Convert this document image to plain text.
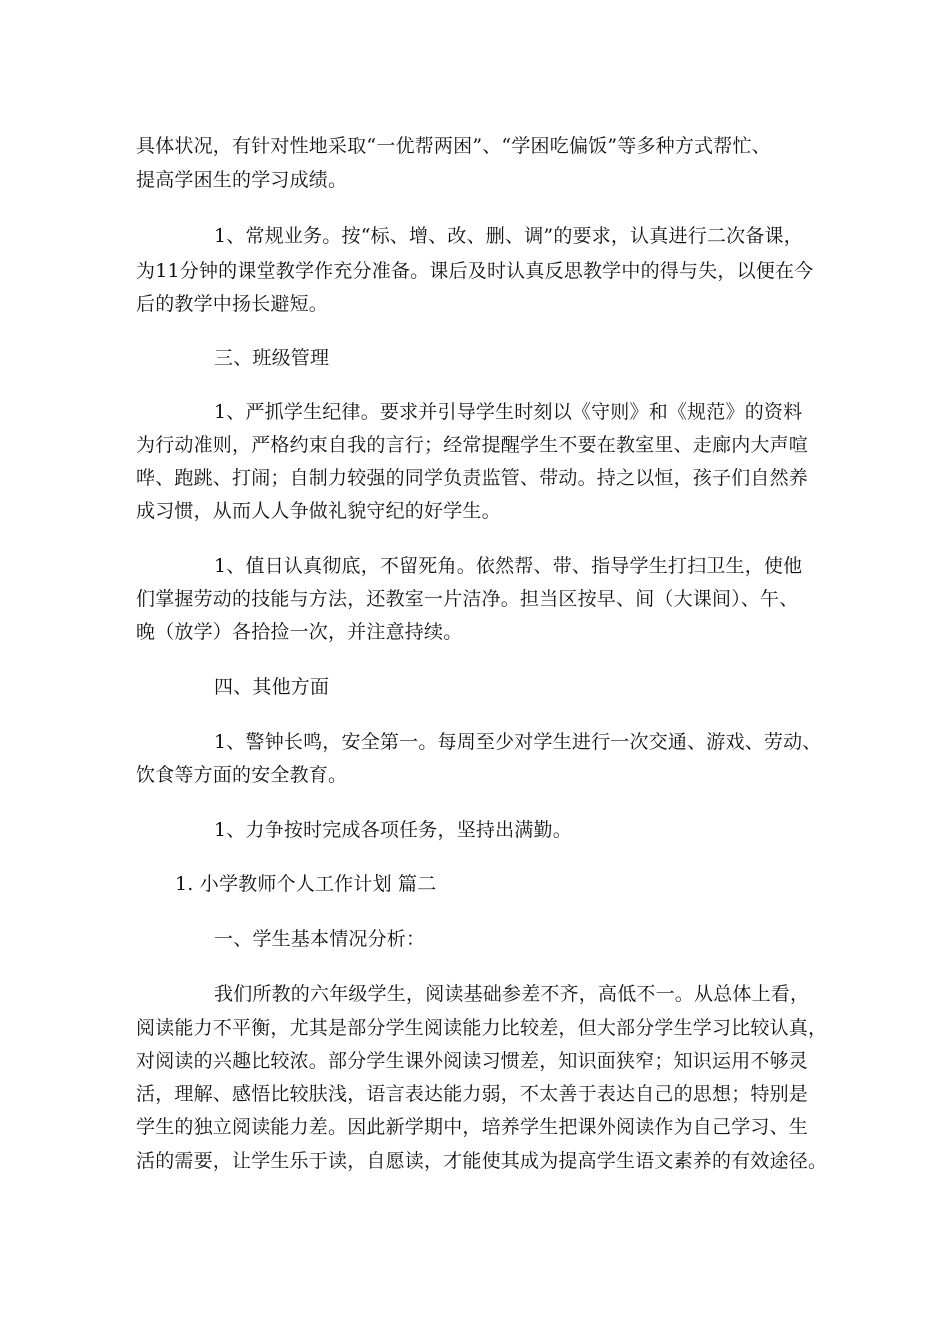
具体状况，有针对性地采取“一优帮两困”、“学困吃偏饭”等多种方式帮忙、
提高学困生的学习成绩。
1、常规业务。按“标、增、改、删、调”的要求，认真进行二次备课，
为11分钟的课堂教学作充分准备。课后及时认真反思教学中的得与失，以便在今
后的教学中扬长避短。
三、班级管理
1、严抓学生纪律。要求并引导学生时刻以《守则》和《规范》的资料
为行动准则，严格约束自我的言行；经常提醒学生不要在教室里、走廊内大声喧
哗、跑跳、打闹；自制力较强的同学负责监管、带动。持之以恒，孩子们自然养
成习惯，从而人人争做礼貌守纪的好学生。
1、值日认真彻底，不留死角。依然帮、带、指导学生打扫卫生，使他
们掌握劳动的技能与方法，还教室一片洁净。担当区按早、间（大课间）、午、
晚（放学）各拾捡一次，并注意持续。
四、其他方面
1、警钟长鸣，安全第一。每周至少对学生进行一次交通、游戏、劳动、
饮食等方面的安全教育。
1、力争按时完成各项任务，坚持出满勤。
1. 小学教师个人工作计划 篇二
一、学生基本情况分析：
我们所教的六年级学生，阅读基础参差不齐，高低不一。从总体上看，
阅读能力不平衡，尤其是部分学生阅读能力比较差，但大部分学生学习比较认真，
对阅读的兴趣比较浓。部分学生课外阅读习惯差，知识面狭窄；知识运用不够灵
活，理解、感悟比较肤浅，语言表达能力弱，不太善于表达自己的思想；特别是
学生的独立阅读能力差。因此新学期中，培养学生把课外阅读作为自己学习、生
活的需要，让学生乐于读，自愿读，才能使其成为提高学生语文素养的有效途径。
